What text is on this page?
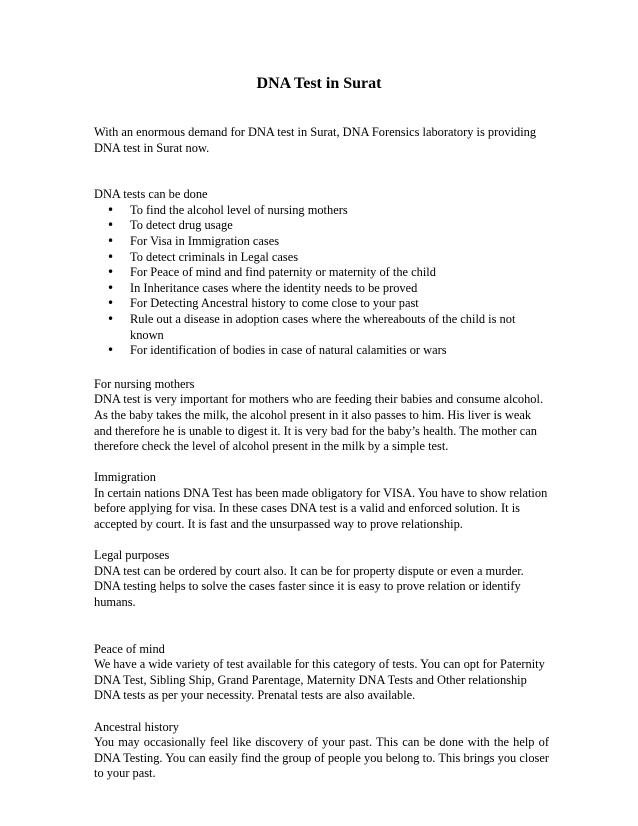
DNA Test in Surat

With an enormous demand for DNA test in Surat, DNA Forensics laboratory is providing DNA test in Surat now.

DNA tests can be done

• To find the alcohol level of nursing mothers
• To detect drug usage
• For Visa in Immigration cases
• To detect criminals in Legal cases
• For Peace of mind and find paternity or maternity of the child
• In Inheritance cases where the identity needs to be proved
• For Detecting Ancestral history to come close to your past
• Rule out a disease in adoption cases where the whereabouts of the child is not known
• For identification of bodies in case of natural calamities or wars

For nursing mothers

DNA test is very important for mothers who are feeding their babies and consume alcohol. As the baby takes the milk, the alcohol present in it also passes to him. His liver is weak and therefore he is unable to digest it. It is very bad for the baby’s health. The mother can therefore check the level of alcohol present in the milk by a simple test.

Immigration

In certain nations DNA Test has been made obligatory for VISA. You have to show relation before applying for visa. In these cases DNA test is a valid and enforced solution. It is accepted by court. It is fast and the unsurpassed way to prove relationship.

Legal purposes

DNA test can be ordered by court also. It can be for property dispute or even a murder. DNA testing helps to solve the cases faster since it is easy to prove relation or identify humans.

Peace of mind

We have a wide variety of test available for this category of tests. You can opt for Paternity DNA Test, Sibling Ship, Grand Parentage, Maternity DNA Tests and Other relationship DNA tests as per your necessity. Prenatal tests are also available.

Ancestral history

You may occasionally feel like discovery of your past. This can be done with the help of DNA Testing. You can easily find the group of people you belong to. This brings you closer to your past.
